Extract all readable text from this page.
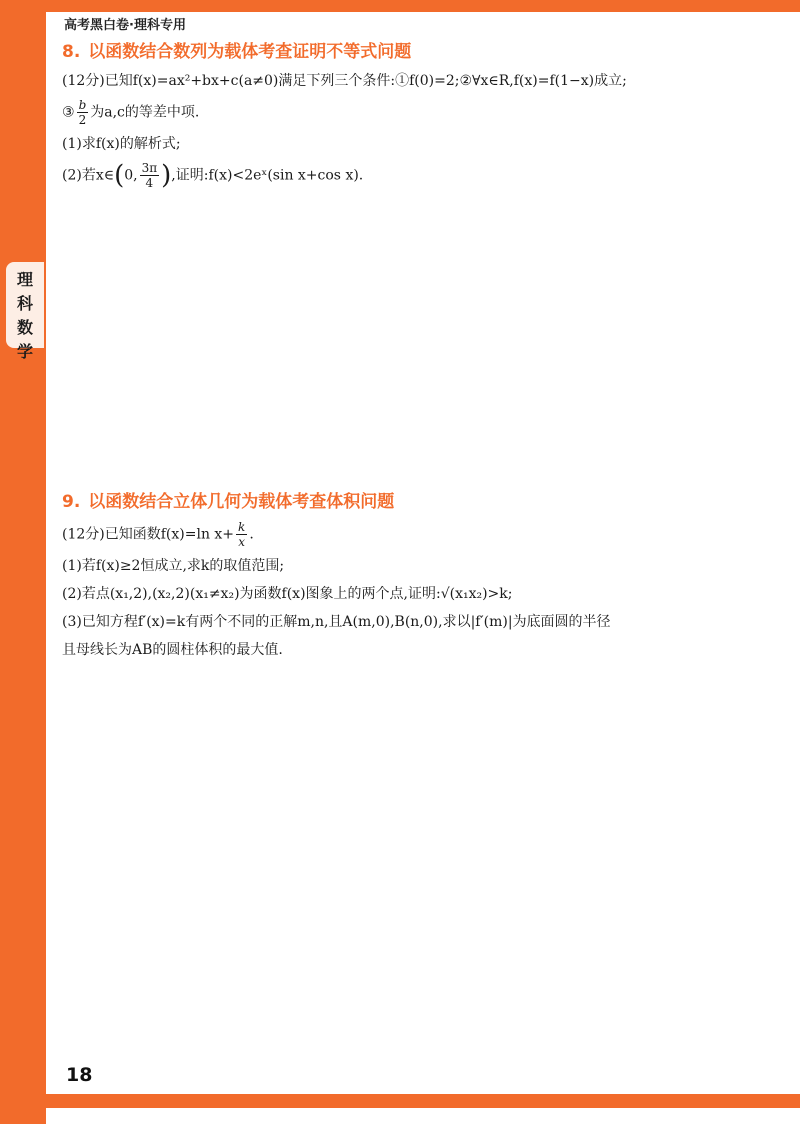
理
科
数
学
高考黑白卷·理科专用
8. 以函数结合数列为载体考查证明不等式问题
(12分)已知f(x)=ax²+bx+c(a≠0)满足下列三个条件:①f(0)=2;②∀x∈R,f(x)=f(1−x)成立;
③ $\frac{b}{2}$ 为a,c的等差中项.
(1)求f(x)的解析式;
(2)若x∈(0, $\frac{3\pi}{4}$ ),证明:f(x)<2eˣ(sin x+cos x).
9. 以函数结合立体几何为载体考查体积问题
(12分)已知函数f(x)=ln $x+ \frac{k}{x}$ .
(1)若f(x)≥2恒成立,求k的取值范围;
(2)若点(x₁,2),(x₂,2)(x₁≠x₂)为函数f(x)图象上的两个点,证明:√(x₁x₂)>k;
(3)已知方程f′(x)=k有两个不同的正解m,n,且A(m,0),B(n,0),求以|f′(m)|为底面圆的半径
且母线长为AB的圆柱体积的最大值.
18
